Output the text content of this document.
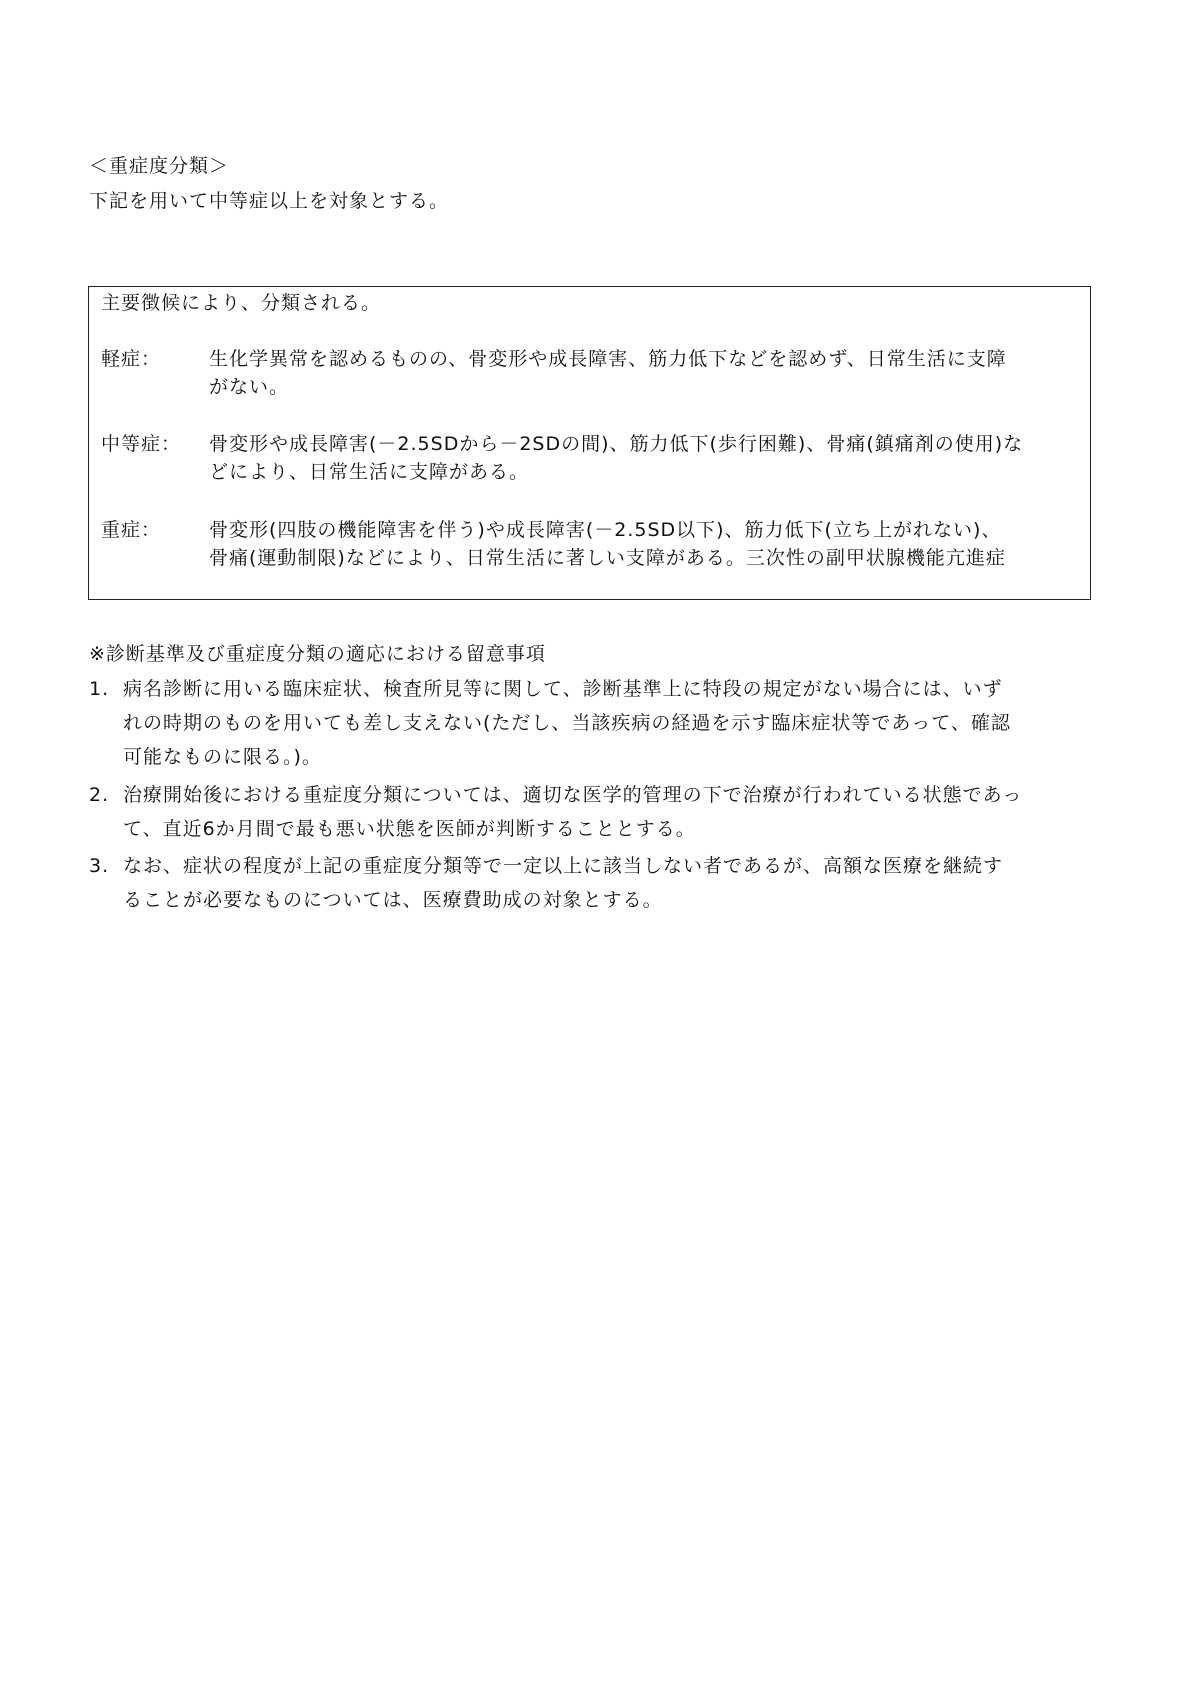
＜重症度分類＞
下記を用いて中等症以上を対象とする。
主要徴候により、分類される。
軽症：	生化学異常を認めるものの、骨変形や成長障害、筋力低下などを認めず、日常生活に支障
がない。
中等症： 骨変形や成長障害(－2.5SDから－2SDの間)、筋力低下(歩行困難)、骨痛(鎮痛剤の使用)な
どにより、日常生活に支障がある。
重症：	骨変形(四肢の機能障害を伴う)や成長障害(－2.5SD以下)、筋力低下(立ち上がれない)、
骨痛(運動制限)などにより、日常生活に著しい支障がある。三次性の副甲状腺機能亢進症
※診断基準及び重症度分類の適応における留意事項
1. 病名診断に用いる臨床症状、検査所見等に関して、診断基準上に特段の規定がない場合には、いず
れの時期のものを用いても差し支えない(ただし、当該疾病の経過を示す臨床症状等であって、確認
可能なものに限る。)。
2. 治療開始後における重症度分類については、適切な医学的管理の下で治療が行われている状態であっ
て、直近6か月間で最も悪い状態を医師が判断することとする。
3. なお、症状の程度が上記の重症度分類等で一定以上に該当しない者であるが、高額な医療を継続す
ることが必要なものについては、医療費助成の対象とする。
